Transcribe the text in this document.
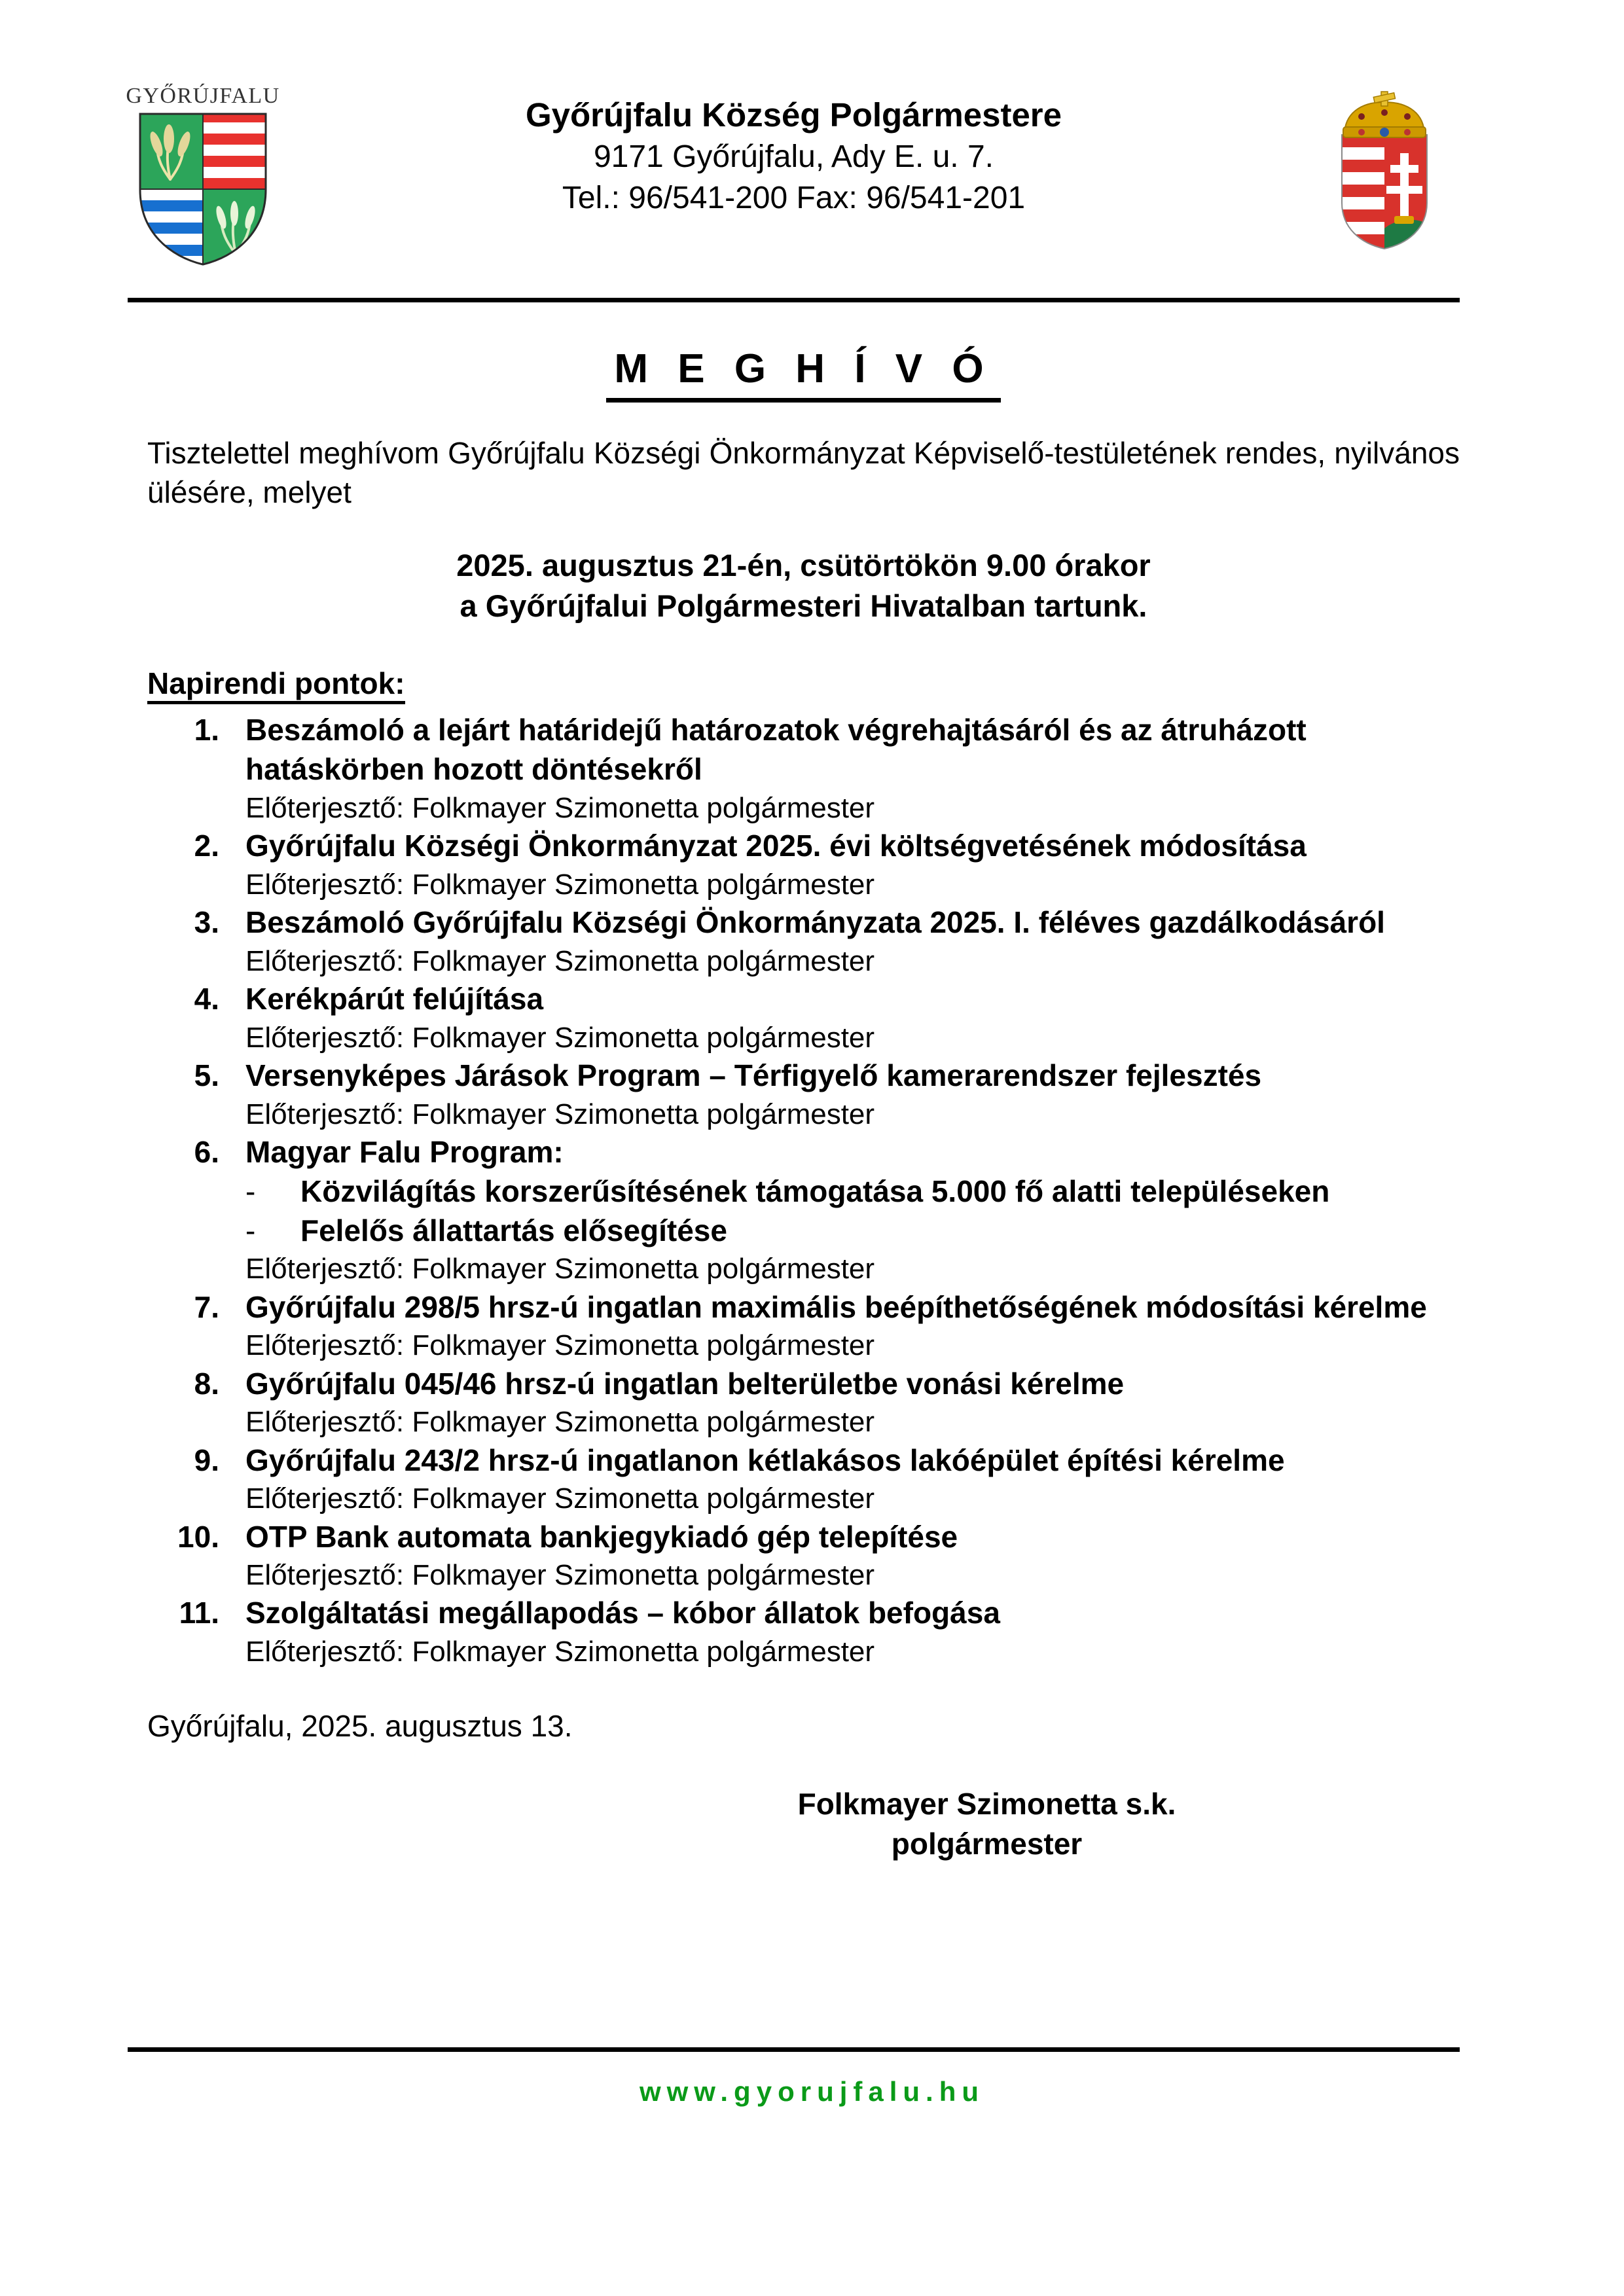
GYŐRÚJFALU
Győrújfalu Község Polgármestere
9171 Győrújfalu, Ady E. u. 7.
Tel.: 96/541-200 Fax: 96/541-201
M E G H Í V Ó
Tisztelettel meghívom Győrújfalu Községi Önkormányzat Képviselő-testületének rendes, nyilvános ülésére, melyet
2025. augusztus 21-én, csütörtökön 9.00 órakor
a Győrújfalui Polgármesteri Hivatalban tartunk.
Napirendi pontok:
1. Beszámoló a lejárt határidejű határozatok végrehajtásáról és az átruházott hatáskörben hozott döntésekről
Előterjesztő: Folkmayer Szimonetta polgármester
2. Győrújfalu Községi Önkormányzat 2025. évi költségvetésének módosítása
Előterjesztő: Folkmayer Szimonetta polgármester
3. Beszámoló Győrújfalu Községi Önkormányzata 2025. I. féléves gazdálkodásáról
Előterjesztő: Folkmayer Szimonetta polgármester
4. Kerékpárút felújítása
Előterjesztő: Folkmayer Szimonetta polgármester
5. Versenyképes Járások Program – Térfigyelő kamerarendszer fejlesztés
Előterjesztő: Folkmayer Szimonetta polgármester
6. Magyar Falu Program:
- Közvilágítás korszerűsítésének támogatása 5.000 fő alatti településeken
- Felelős állattartás elősegítése
Előterjesztő: Folkmayer Szimonetta polgármester
7. Győrújfalu 298/5 hrsz-ú ingatlan maximális beépíthetőségének módosítási kérelme
Előterjesztő: Folkmayer Szimonetta polgármester
8. Győrújfalu 045/46 hrsz-ú ingatlan belterületbe vonási kérelme
Előterjesztő: Folkmayer Szimonetta polgármester
9. Győrújfalu 243/2 hrsz-ú ingatlanon kétlakásos lakóépület építési kérelme
Előterjesztő: Folkmayer Szimonetta polgármester
10. OTP Bank automata bankjegykiadó gép telepítése
Előterjesztő: Folkmayer Szimonetta polgármester
11. Szolgáltatási megállapodás – kóbor állatok befogása
Előterjesztő: Folkmayer Szimonetta polgármester
Győrújfalu, 2025. augusztus 13.
Folkmayer Szimonetta s.k.
polgármester
www.gyorujfalu.hu
